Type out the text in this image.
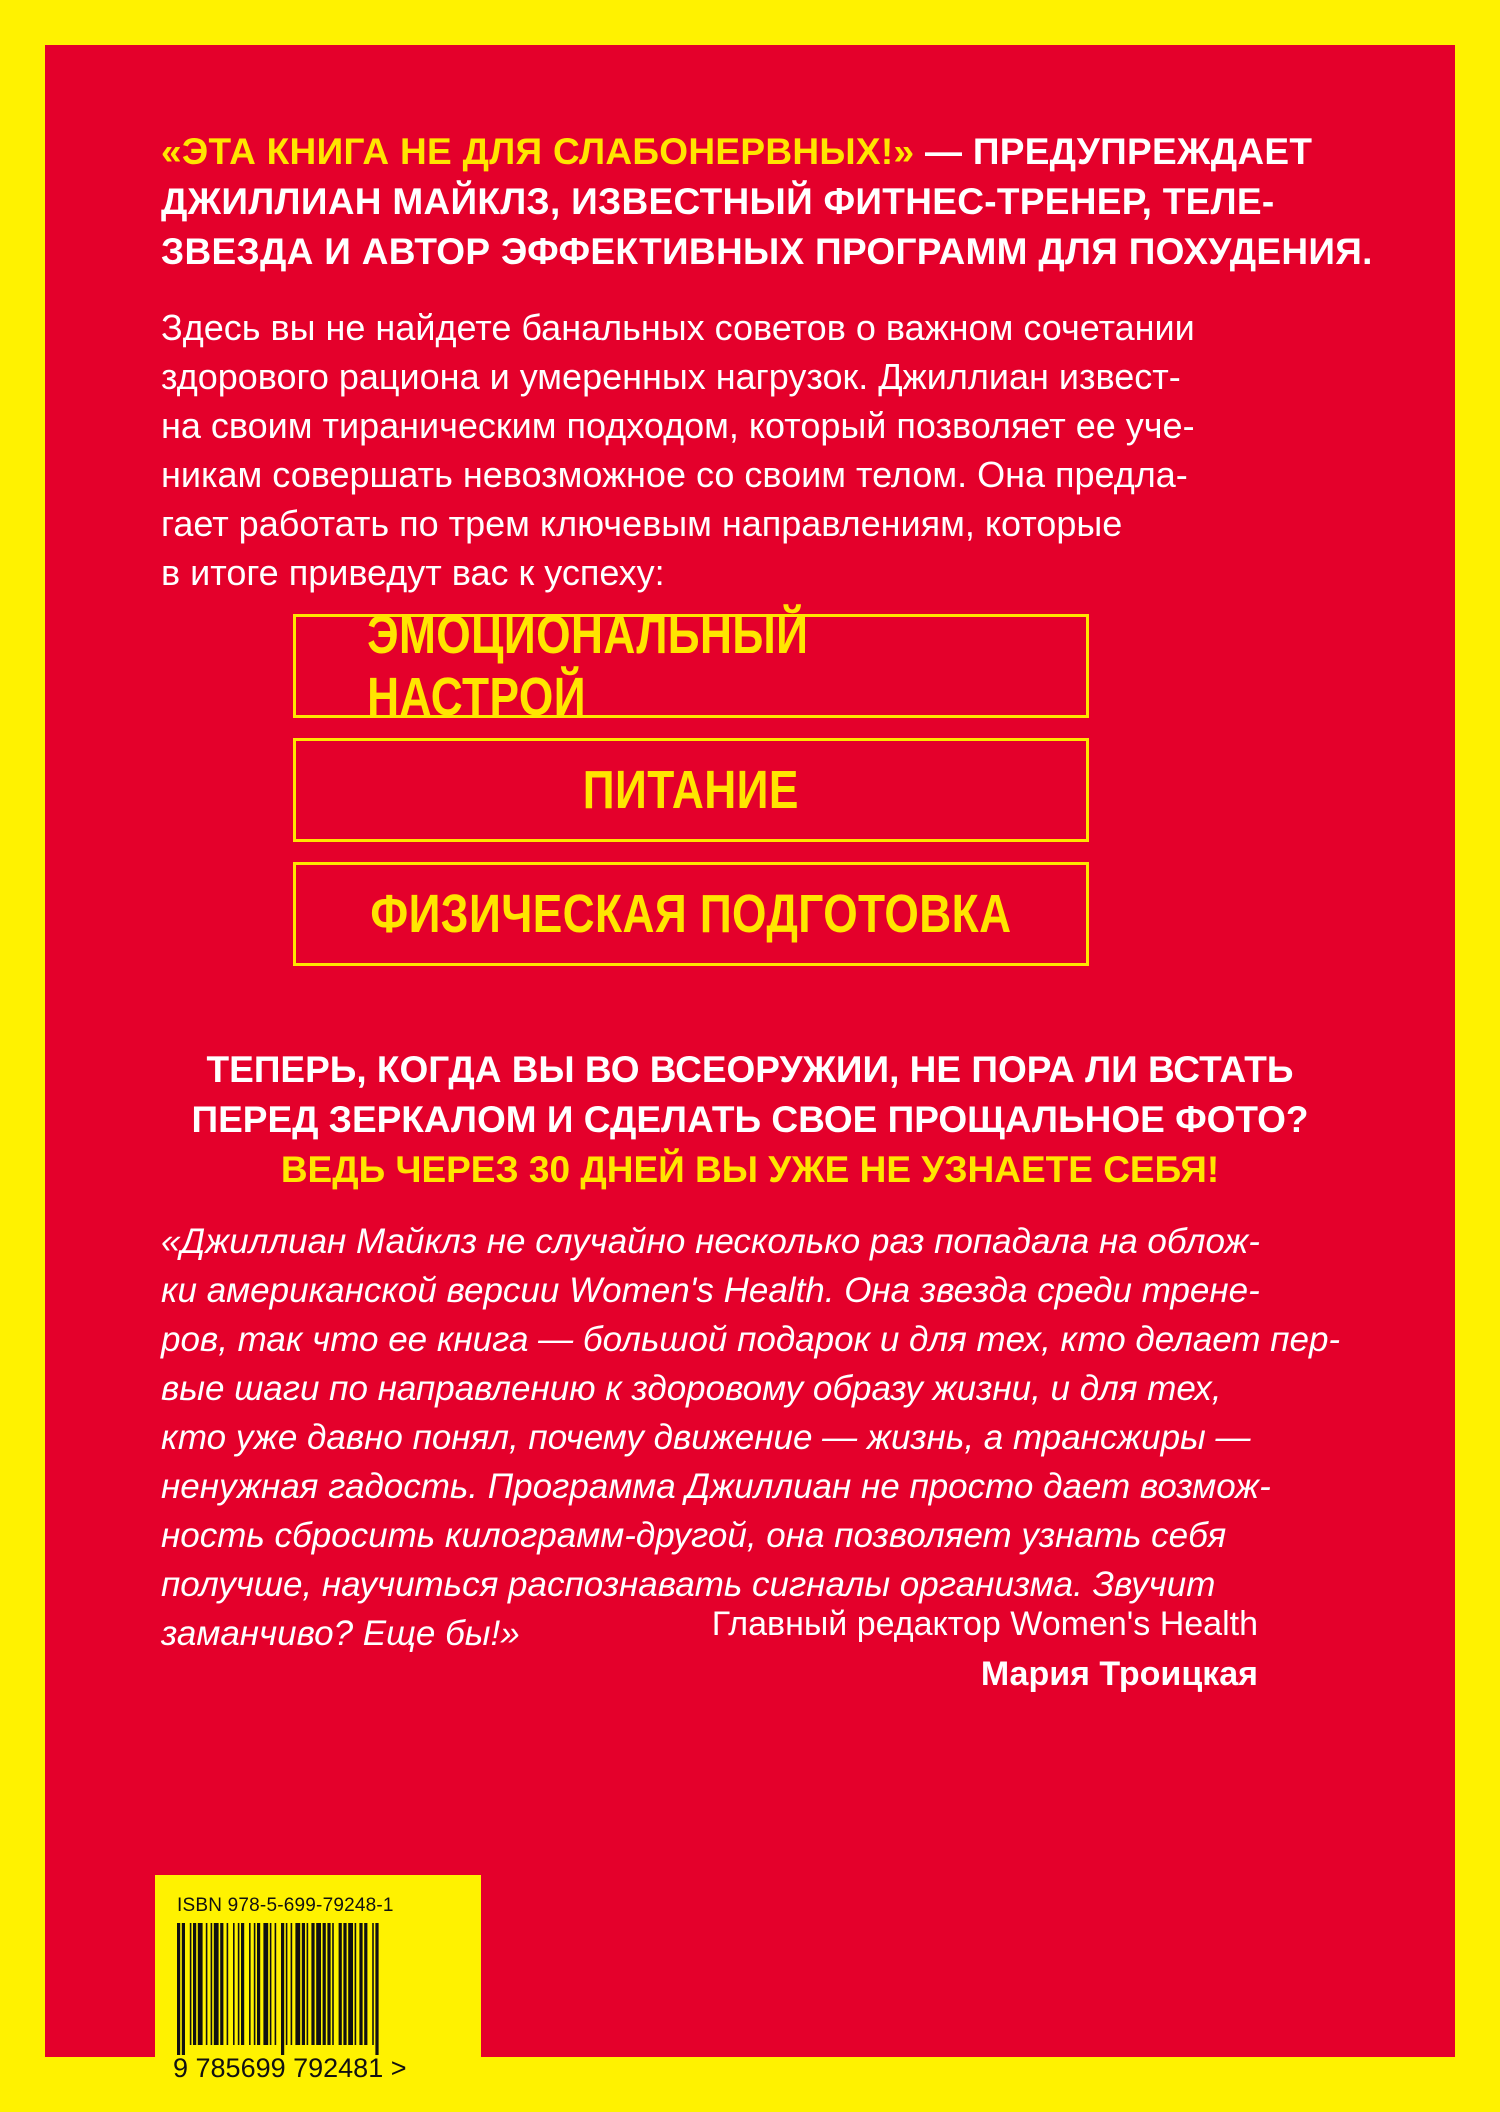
«ЭТА КНИГА НЕ ДЛЯ СЛАБОНЕРВНЫХ!» — ПРЕДУПРЕЖДАЕТ
ДЖИЛЛИАН МАЙКЛЗ, ИЗВЕСТНЫЙ ФИТНЕС-ТРЕНЕР, ТЕЛЕ-
ЗВЕЗДА И АВТОР ЭФФЕКТИВНЫХ ПРОГРАММ ДЛЯ ПОХУДЕНИЯ.

Здесь вы не найдете банальных советов о важном сочетании
здорового рациона и умеренных нагрузок. Джиллиан извест-
на своим тираническим подходом, который позволяет ее уче-
никам совершать невозможное со своим телом. Она предла-
гает работать по трем ключевым направлениям, которые
в итоге приведут вас к успеху:

ЭМОЦИОНАЛЬНЫЙ НАСТРОЙ
ПИТАНИЕ
ФИЗИЧЕСКАЯ ПОДГОТОВКА

ТЕПЕРЬ, КОГДА ВЫ ВО ВСЕОРУЖИИ, НЕ ПОРА ЛИ ВСТАТЬ
ПЕРЕД ЗЕРКАЛОМ И СДЕЛАТЬ СВОЕ ПРОЩАЛЬНОЕ ФОТО?
ВЕДЬ ЧЕРЕЗ 30 ДНЕЙ ВЫ УЖЕ НЕ УЗНАЕТЕ СЕБЯ!

«Джиллиан Майклз не случайно несколько раз попадала на облож-
ки американской версии Women's Health. Она звезда среди трене-
ров, так что ее книга — большой подарок и для тех, кто делает пер-
вые шаги по направлению к здоровому образу жизни, и для тех,
кто уже давно понял, почему движение — жизнь, а трансжиры —
ненужная гадость. Программа Джиллиан не просто дает возмож-
ность сбросить килограмм-другой, она позволяет узнать себя
получше, научиться распознавать сигналы организма. Звучит
заманчиво? Еще бы!»	Главный редактор Women's Health
Мария Троицкая

ISBN 978-5-699-79248-1
9 785699 792481 >
